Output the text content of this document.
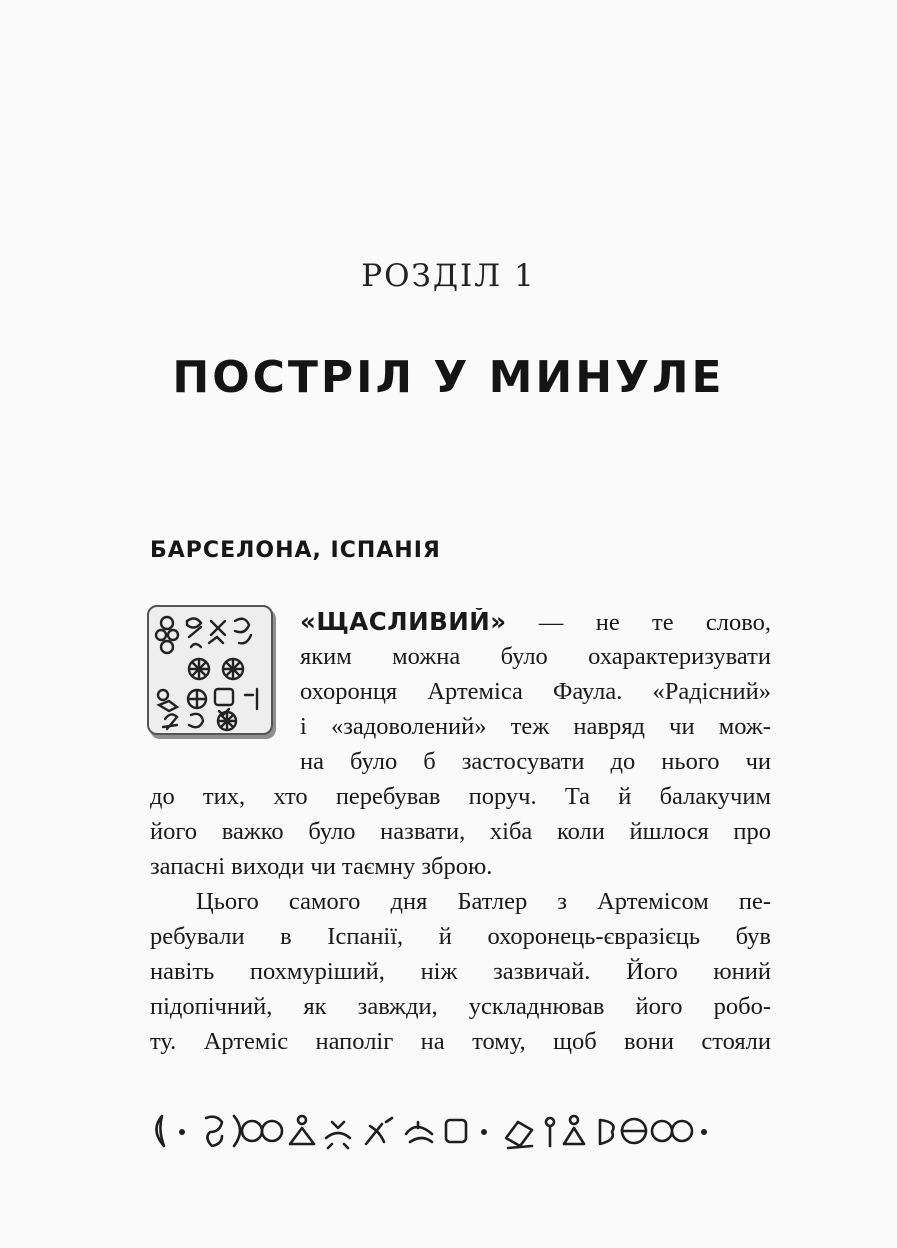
РОЗДІЛ 1
ПОСТРІЛ У МИНУЛЕ
БАРСЕЛОНА, ІСПАНІЯ
«ЩАСЛИВИЙ» — не те слово,
яким можна було охарактеризувати
охоронця Артеміса Фаула. «Радісний»
і «задоволений» теж навряд чи мож-
на було б застосувати до нього чи
до тих, хто перебував поруч. Та й балакучим
його важко було назвати, хіба коли йшлося про
запасні виходи чи таємну зброю.
Цього самого дня Батлер з Артемісом пе-
ребували в Іспанії, й охоронець-євразієць був
навіть похмуріший, ніж зазвичай. Його юний
підопічний, як завжди, ускладнював його робо-
ту. Артеміс наполіг на тому, щоб вони стояли
